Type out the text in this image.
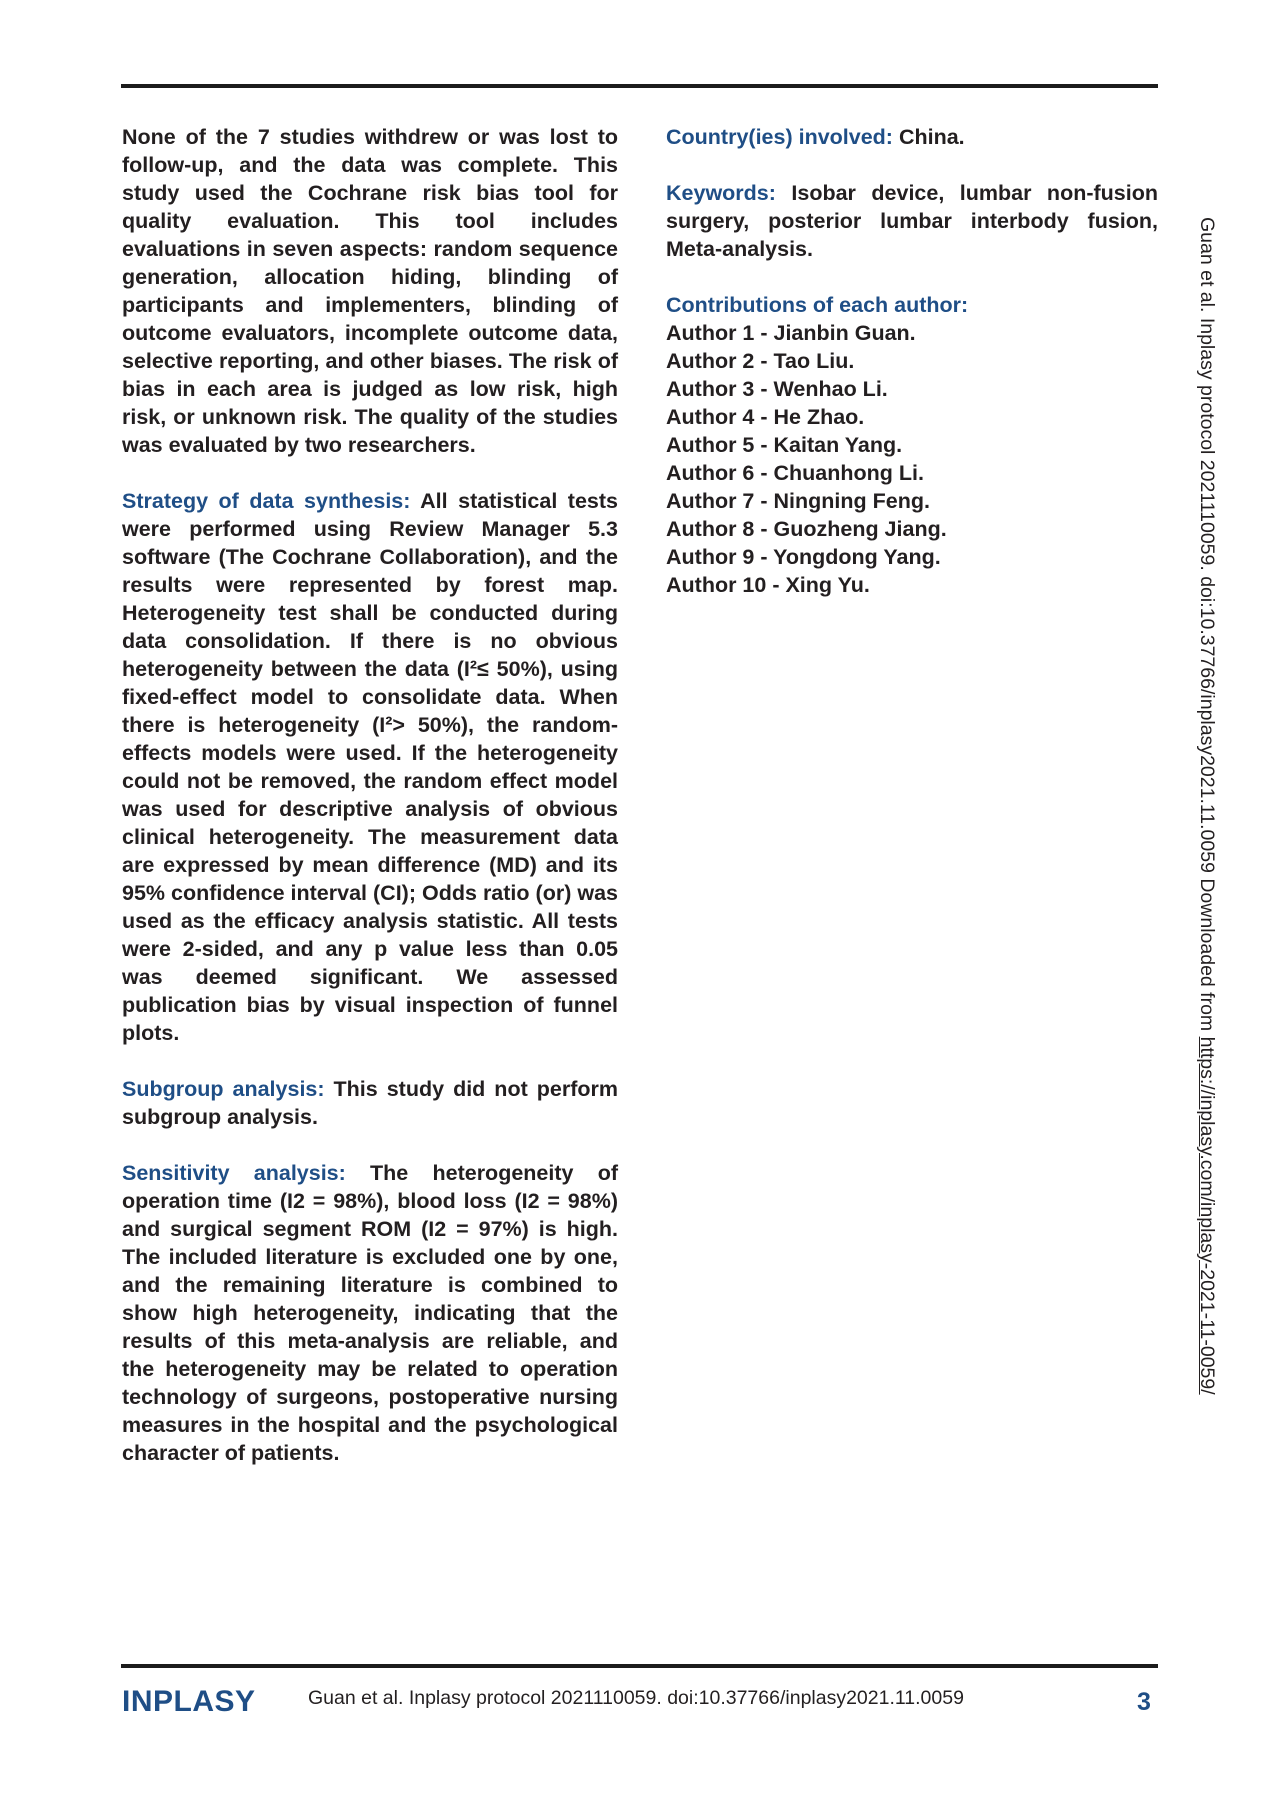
None of the 7 studies withdrew or was lost to follow-up, and the data was complete. This study used the Cochrane risk bias tool for quality evaluation. This tool includes evaluations in seven aspects: random sequence generation, allocation hiding, blinding of participants and implementers, blinding of outcome evaluators, incomplete outcome data, selective reporting, and other biases. The risk of bias in each area is judged as low risk, high risk, or unknown risk. The quality of the studies was evaluated by two researchers.

Strategy of data synthesis: All statistical tests were performed using Review Manager 5.3 software (The Cochrane Collaboration), and the results were represented by forest map. Heterogeneity test shall be conducted during data consolidation. If there is no obvious heterogeneity between the data (I²≤ 50%), using fixed-effect model to consolidate data. When there is heterogeneity (I²> 50%), the random-effects models were used. If the heterogeneity could not be removed, the random effect model was used for descriptive analysis of obvious clinical heterogeneity. The measurement data are expressed by mean difference (MD) and its 95% confidence interval (CI); Odds ratio (or) was used as the efficacy analysis statistic. All tests were 2-sided, and any p value less than 0.05 was deemed significant. We assessed publication bias by visual inspection of funnel plots.

Subgroup analysis: This study did not perform subgroup analysis.

Sensitivity analysis: The heterogeneity of operation time (I2 = 98%), blood loss (I2 = 98%) and surgical segment ROM (I2 = 97%) is high. The included literature is excluded one by one, and the remaining literature is combined to show high heterogeneity, indicating that the results of this meta-analysis are reliable, and the heterogeneity may be related to operation technology of surgeons, postoperative nursing measures in the hospital and the psychological character of patients.

Country(ies) involved: China.

Keywords: Isobar device, lumbar non-fusion surgery, posterior lumbar interbody fusion, Meta-analysis.

Contributions of each author:
Author 1 - Jianbin Guan.
Author 2 - Tao Liu.
Author 3 - Wenhao Li.
Author 4 - He Zhao.
Author 5 - Kaitan Yang.
Author 6 - Chuanhong Li.
Author 7 - Ningning Feng.
Author 8 - Guozheng Jiang.
Author 9 - Yongdong Yang.
Author 10 - Xing Yu.	Guan et al. Inplasy protocol 2021110059. doi:10.37766/inplasy2021.11.0059 Downloaded from https://inplasy.com/inplasy-2021-11-0059/
INPLASY	Guan et al. Inplasy protocol 2021110059. doi:10.37766/inplasy2021.11.0059	3
